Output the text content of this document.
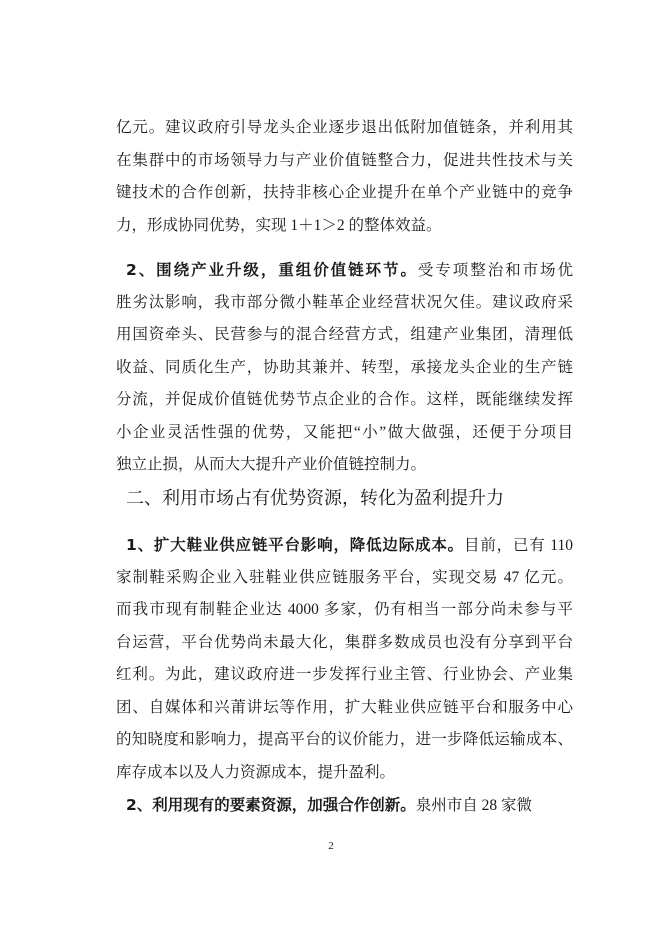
亿元。建议政府引导龙头企业逐步退出低附加值链条，并利用其
在集群中的市场领导力与产业价值链整合力，促进共性技术与关
键技术的合作创新，扶持非核心企业提升在单个产业链中的竞争
力，形成协同优势，实现 1＋1＞2 的整体效益。
2、围绕产业升级，重组价值链环节。受专项整治和市场优
胜劣汰影响，我市部分微小鞋革企业经营状况欠佳。建议政府采
用国资牵头、民营参与的混合经营方式，组建产业集团，清理低
收益、同质化生产，协助其兼并、转型，承接龙头企业的生产链
分流，并促成价值链优势节点企业的合作。这样，既能继续发挥
小企业灵活性强的优势，又能把“小”做大做强，还便于分项目
独立止损，从而大大提升产业价值链控制力。
二、利用市场占有优势资源，转化为盈利提升力
1、扩大鞋业供应链平台影响，降低边际成本。目前，已有 110
家制鞋采购企业入驻鞋业供应链服务平台，实现交易 47 亿元。
而我市现有制鞋企业达 4000 多家，仍有相当一部分尚未参与平
台运营，平台优势尚未最大化，集群多数成员也没有分享到平台
红利。为此，建议政府进一步发挥行业主管、行业协会、产业集
团、自媒体和兴莆讲坛等作用，扩大鞋业供应链平台和服务中心
的知晓度和影响力，提高平台的议价能力，进一步降低运输成本、
库存成本以及人力资源成本，提升盈利。
2、利用现有的要素资源，加强合作创新。泉州市自 28 家微
2
